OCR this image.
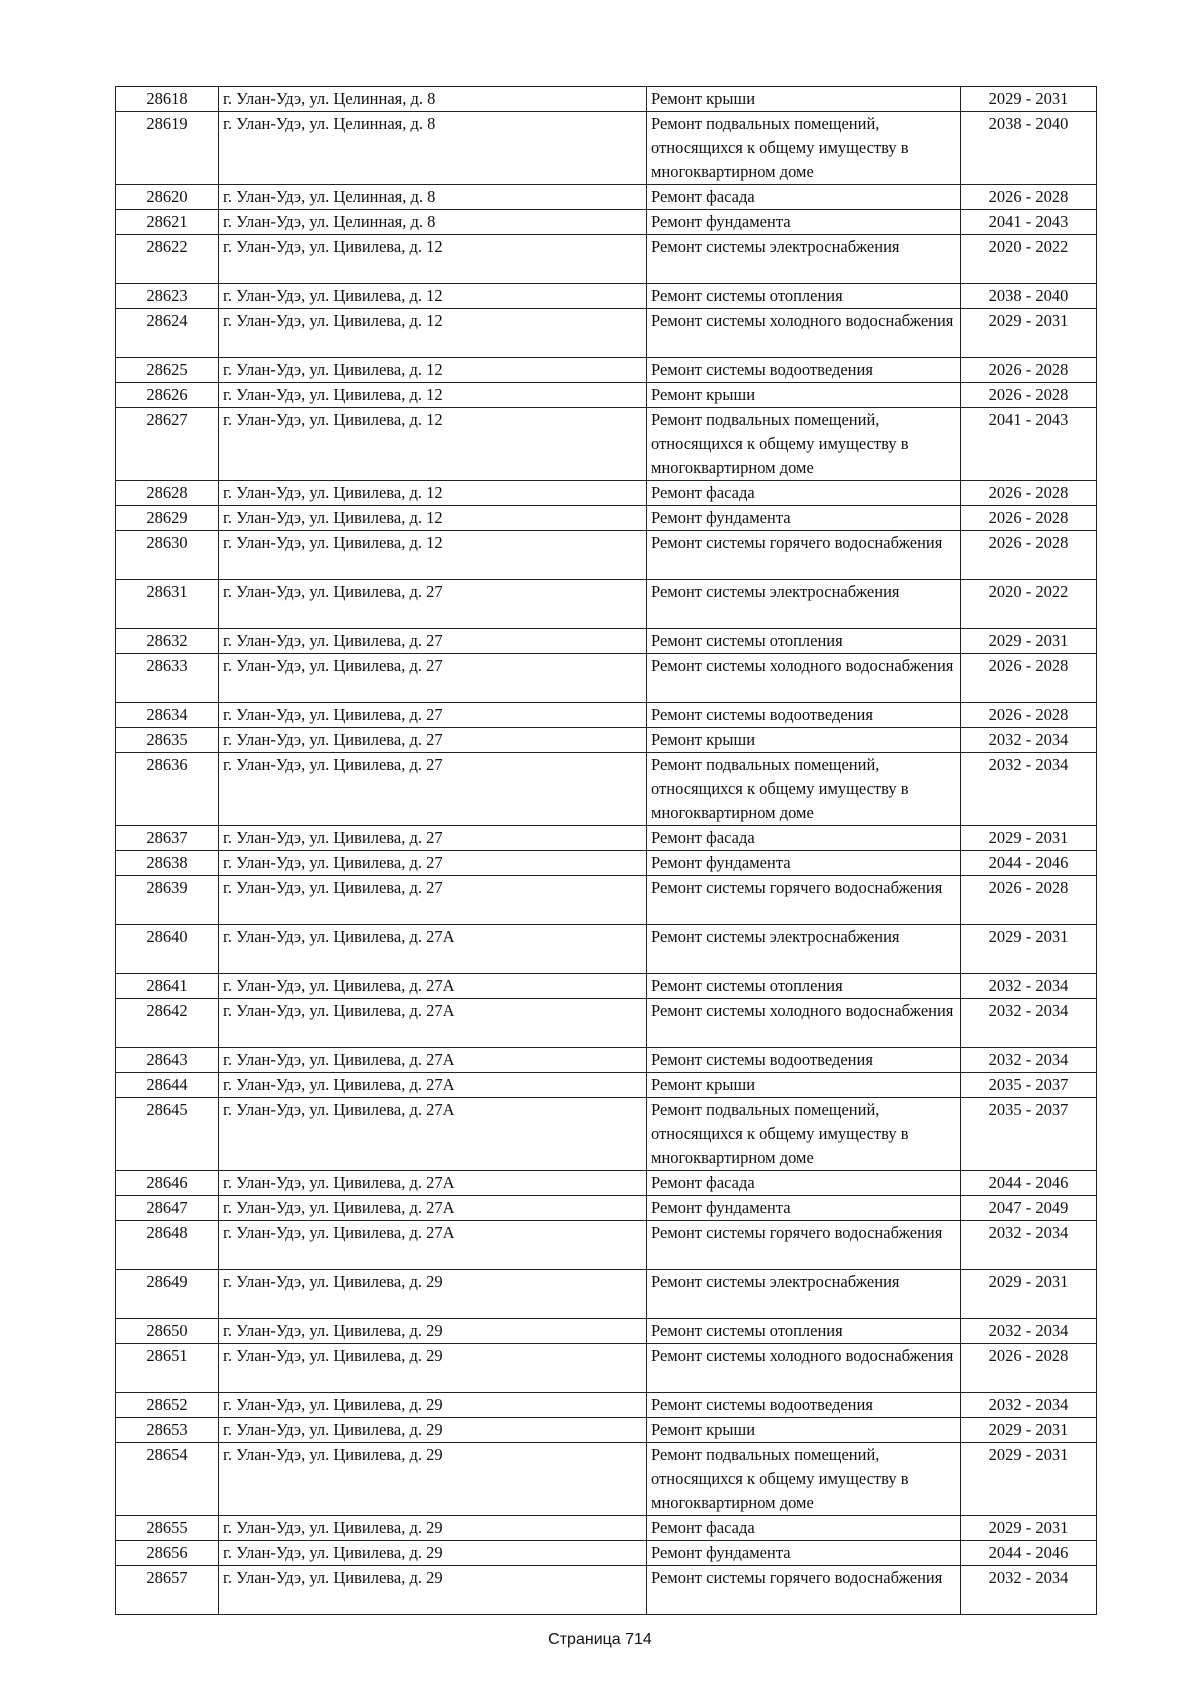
28618	г. Улан-Удэ, ул. Целинная, д. 8	Ремонт крыши	2029 - 2031
28619	г. Улан-Удэ, ул. Целинная, д. 8	Ремонт подвальных помещений, относящихся к общему имуществу в многоквартирном доме	2038 - 2040
28620	г. Улан-Удэ, ул. Целинная, д. 8	Ремонт фасада	2026 - 2028
28621	г. Улан-Удэ, ул. Целинная, д. 8	Ремонт фундамента	2041 - 2043
28622	г. Улан-Удэ, ул. Цивилева, д. 12	Ремонт системы электроснабжения	2020 - 2022
28623	г. Улан-Удэ, ул. Цивилева, д. 12	Ремонт системы отопления	2038 - 2040
28624	г. Улан-Удэ, ул. Цивилева, д. 12	Ремонт системы холодного водоснабжения	2029 - 2031
28625	г. Улан-Удэ, ул. Цивилева, д. 12	Ремонт системы водоотведения	2026 - 2028
28626	г. Улан-Удэ, ул. Цивилева, д. 12	Ремонт крыши	2026 - 2028
28627	г. Улан-Удэ, ул. Цивилева, д. 12	Ремонт подвальных помещений, относящихся к общему имуществу в многоквартирном доме	2041 - 2043
28628	г. Улан-Удэ, ул. Цивилева, д. 12	Ремонт фасада	2026 - 2028
28629	г. Улан-Удэ, ул. Цивилева, д. 12	Ремонт фундамента	2026 - 2028
28630	г. Улан-Удэ, ул. Цивилева, д. 12	Ремонт системы горячего водоснабжения	2026 - 2028
28631	г. Улан-Удэ, ул. Цивилева, д. 27	Ремонт системы электроснабжения	2020 - 2022
28632	г. Улан-Удэ, ул. Цивилева, д. 27	Ремонт системы отопления	2029 - 2031
28633	г. Улан-Удэ, ул. Цивилева, д. 27	Ремонт системы холодного водоснабжения	2026 - 2028
28634	г. Улан-Удэ, ул. Цивилева, д. 27	Ремонт системы водоотведения	2026 - 2028
28635	г. Улан-Удэ, ул. Цивилева, д. 27	Ремонт крыши	2032 - 2034
28636	г. Улан-Удэ, ул. Цивилева, д. 27	Ремонт подвальных помещений, относящихся к общему имуществу в многоквартирном доме	2032 - 2034
28637	г. Улан-Удэ, ул. Цивилева, д. 27	Ремонт фасада	2029 - 2031
28638	г. Улан-Удэ, ул. Цивилева, д. 27	Ремонт фундамента	2044 - 2046
28639	г. Улан-Удэ, ул. Цивилева, д. 27	Ремонт системы горячего водоснабжения	2026 - 2028
28640	г. Улан-Удэ, ул. Цивилева, д. 27А	Ремонт системы электроснабжения	2029 - 2031
28641	г. Улан-Удэ, ул. Цивилева, д. 27А	Ремонт системы отопления	2032 - 2034
28642	г. Улан-Удэ, ул. Цивилева, д. 27А	Ремонт системы холодного водоснабжения	2032 - 2034
28643	г. Улан-Удэ, ул. Цивилева, д. 27А	Ремонт системы водоотведения	2032 - 2034
28644	г. Улан-Удэ, ул. Цивилева, д. 27А	Ремонт крыши	2035 - 2037
28645	г. Улан-Удэ, ул. Цивилева, д. 27А	Ремонт подвальных помещений, относящихся к общему имуществу в многоквартирном доме	2035 - 2037
28646	г. Улан-Удэ, ул. Цивилева, д. 27А	Ремонт фасада	2044 - 2046
28647	г. Улан-Удэ, ул. Цивилева, д. 27А	Ремонт фундамента	2047 - 2049
28648	г. Улан-Удэ, ул. Цивилева, д. 27А	Ремонт системы горячего водоснабжения	2032 - 2034
28649	г. Улан-Удэ, ул. Цивилева, д. 29	Ремонт системы электроснабжения	2029 - 2031
28650	г. Улан-Удэ, ул. Цивилева, д. 29	Ремонт системы отопления	2032 - 2034
28651	г. Улан-Удэ, ул. Цивилева, д. 29	Ремонт системы холодного водоснабжения	2026 - 2028
28652	г. Улан-Удэ, ул. Цивилева, д. 29	Ремонт системы водоотведения	2032 - 2034
28653	г. Улан-Удэ, ул. Цивилева, д. 29	Ремонт крыши	2029 - 2031
28654	г. Улан-Удэ, ул. Цивилева, д. 29	Ремонт подвальных помещений, относящихся к общему имуществу в многоквартирном доме	2029 - 2031
28655	г. Улан-Удэ, ул. Цивилева, д. 29	Ремонт фасада	2029 - 2031
28656	г. Улан-Удэ, ул. Цивилева, д. 29	Ремонт фундамента	2044 - 2046
28657	г. Улан-Удэ, ул. Цивилева, д. 29	Ремонт системы горячего водоснабжения	2032 - 2034
Страница 714
